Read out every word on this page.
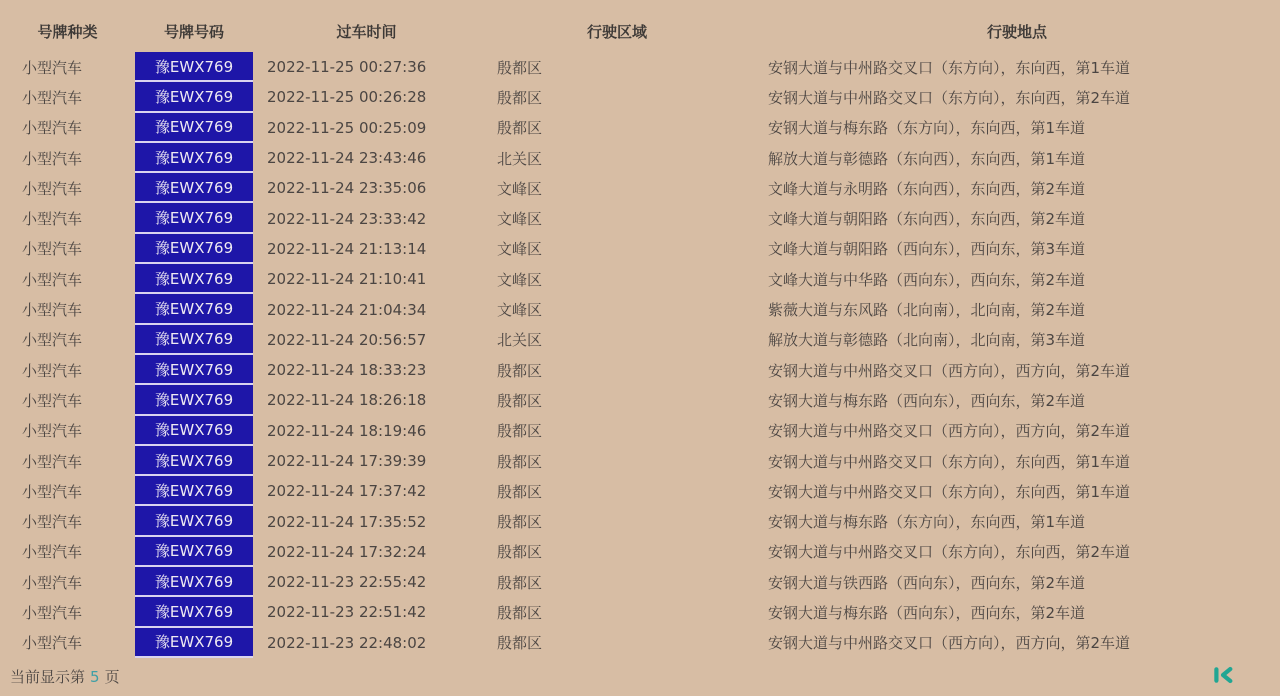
号牌种类	号牌号码	过车时间	行驶区域	行驶地点
小型汽车	豫EWX769	2022-11-25 00:27:36	殷都区	安钢大道与中州路交叉口（东方向），东向西，第1车道
小型汽车	豫EWX769	2022-11-25 00:26:28	殷都区	安钢大道与中州路交叉口（东方向），东向西，第2车道
小型汽车	豫EWX769	2022-11-25 00:25:09	殷都区	安钢大道与梅东路（东方向），东向西，第1车道
小型汽车	豫EWX769	2022-11-24 23:43:46	北关区	解放大道与彰德路（东向西），东向西，第1车道
小型汽车	豫EWX769	2022-11-24 23:35:06	文峰区	文峰大道与永明路（东向西），东向西，第2车道
小型汽车	豫EWX769	2022-11-24 23:33:42	文峰区	文峰大道与朝阳路（东向西），东向西，第2车道
小型汽车	豫EWX769	2022-11-24 21:13:14	文峰区	文峰大道与朝阳路（西向东），西向东，第3车道
小型汽车	豫EWX769	2022-11-24 21:10:41	文峰区	文峰大道与中华路（西向东），西向东，第2车道
小型汽车	豫EWX769	2022-11-24 21:04:34	文峰区	紫薇大道与东风路（北向南），北向南，第2车道
小型汽车	豫EWX769	2022-11-24 20:56:57	北关区	解放大道与彰德路（北向南），北向南，第3车道
小型汽车	豫EWX769	2022-11-24 18:33:23	殷都区	安钢大道与中州路交叉口（西方向），西方向，第2车道
小型汽车	豫EWX769	2022-11-24 18:26:18	殷都区	安钢大道与梅东路（西向东），西向东，第2车道
小型汽车	豫EWX769	2022-11-24 18:19:46	殷都区	安钢大道与中州路交叉口（西方向），西方向，第2车道
小型汽车	豫EWX769	2022-11-24 17:39:39	殷都区	安钢大道与中州路交叉口（东方向），东向西，第1车道
小型汽车	豫EWX769	2022-11-24 17:37:42	殷都区	安钢大道与中州路交叉口（东方向），东向西，第1车道
小型汽车	豫EWX769	2022-11-24 17:35:52	殷都区	安钢大道与梅东路（东方向），东向西，第1车道
小型汽车	豫EWX769	2022-11-24 17:32:24	殷都区	安钢大道与中州路交叉口（东方向），东向西，第2车道
小型汽车	豫EWX769	2022-11-23 22:55:42	殷都区	安钢大道与铁西路（西向东），西向东，第2车道
小型汽车	豫EWX769	2022-11-23 22:51:42	殷都区	安钢大道与梅东路（西向东），西向东，第2车道
小型汽车	豫EWX769	2022-11-23 22:48:02	殷都区	安钢大道与中州路交叉口（西方向），西方向，第2车道
当前显示第 5 页
